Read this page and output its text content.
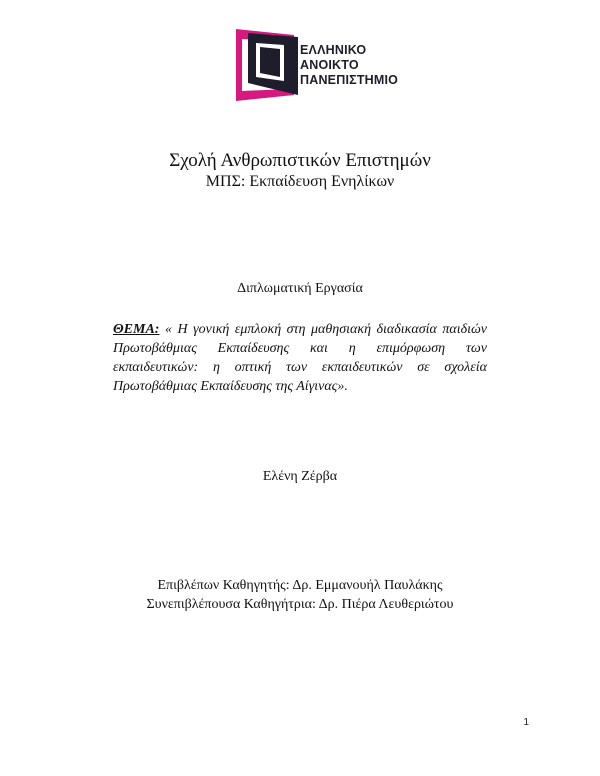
ΕΛΛΗΝΙΚΟ
ΑΝΟΙΚΤΟ
ΠΑΝΕΠΙΣΤΗΜΙΟ
Σχολή Ανθρωπιστικών Επιστημών
ΜΠΣ: Εκπαίδευση Ενηλίκων
Διπλωματική Εργασία
ΘΕΜΑ: « Η γονική εμπλοκή στη μαθησιακή διαδικασία παιδιών Πρωτοβάθμιας Εκπαίδευσης και η επιμόρφωση των εκπαιδευτικών: η οπτική των εκπαιδευτικών σε σχολεία Πρωτοβάθμιας Εκπαίδευσης της Αίγινας».
Ελένη Ζέρβα
Επιβλέπων Καθηγητής: Δρ. Εμμανουήλ Παυλάκης
Συνεπιβλέπουσα Καθηγήτρια: Δρ. Πιέρα Λευθεριώτου
1
